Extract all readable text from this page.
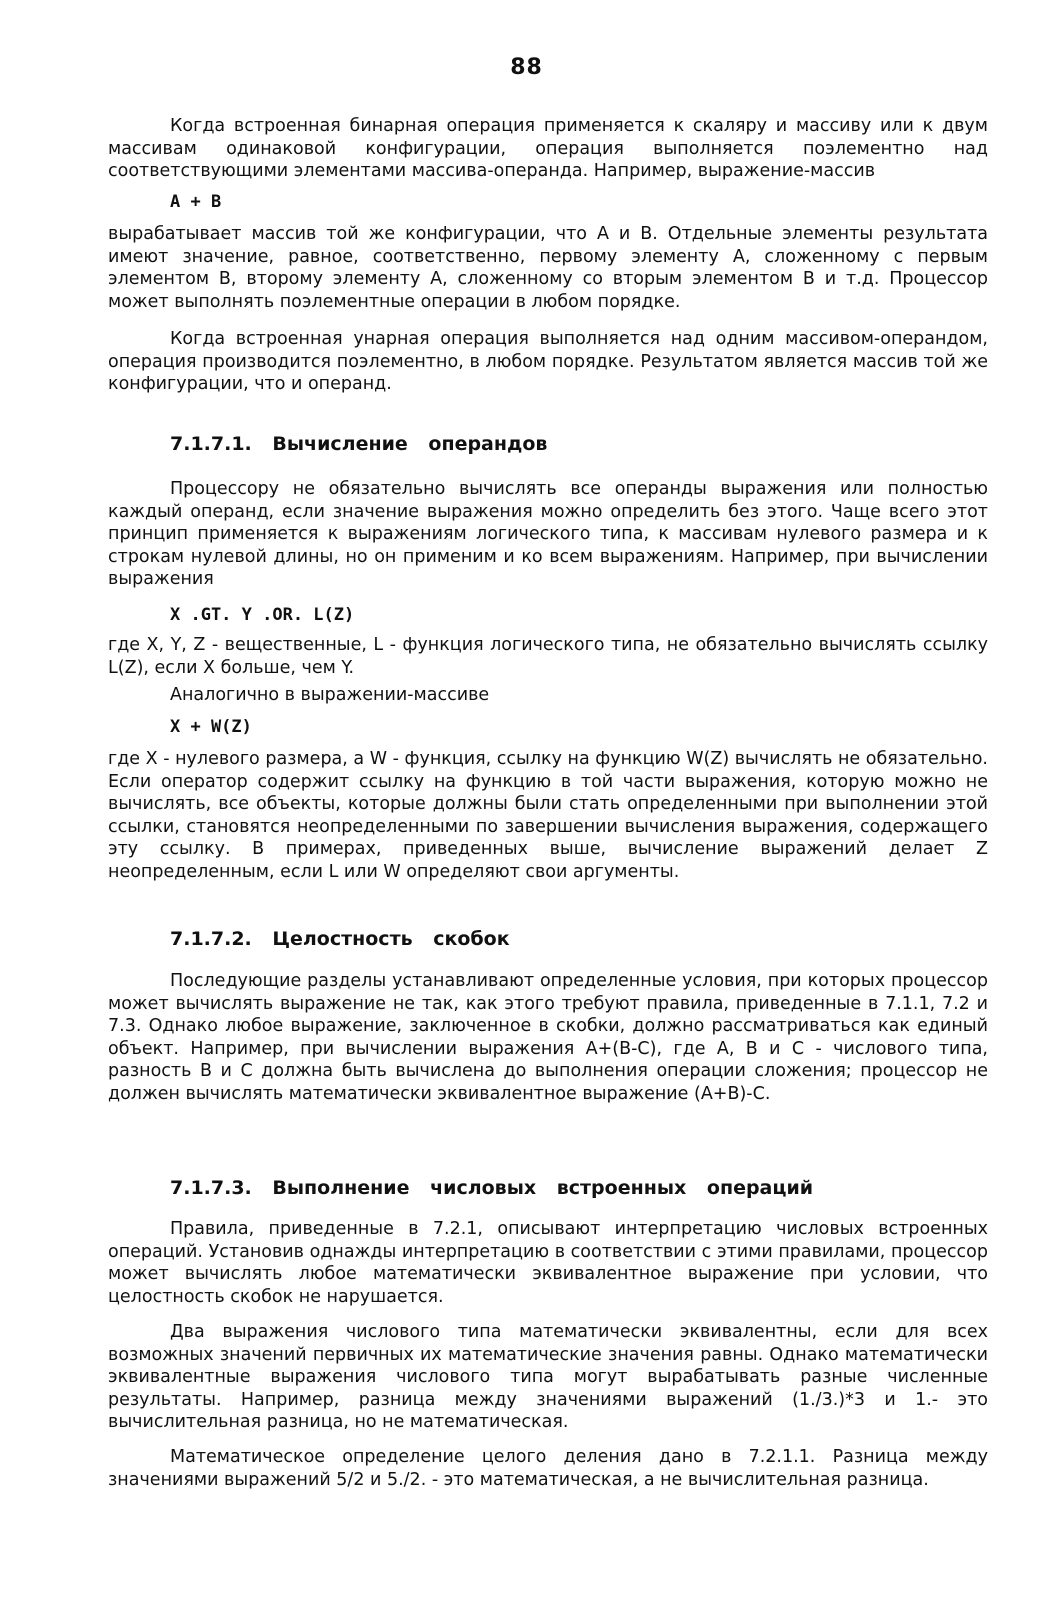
88

Когда встроенная бинарная операция применяется к скаляру и массиву или к двум массивам одинаковой конфигурации, операция выполняется поэлементно над соответствующими элементами массива-операнда. Например, выражение-массив

A + B

вырабатывает массив той же конфигурации, что A и B. Отдельные элементы результата имеют значение, равное, соответственно, первому элементу A, сложенному с первым элементом B, второму элементу A, сложенному со вторым элементом B и т.д. Процессор может выполнять поэлементные операции в любом порядке.

Когда встроенная унарная операция выполняется над одним массивом-операндом, операция производится поэлементно, в любом порядке. Результатом является массив той же конфигурации, что и операнд.

7.1.7.1. Вычисление операндов

Процессору не обязательно вычислять все операнды выражения или полностью каждый операнд, если значение выражения можно определить без этого. Чаще всего этот принцип применяется к выражениям логического типа, к массивам нулевого размера и к строкам нулевой длины, но он применим и ко всем выражениям. Например, при вычислении выражения

X .GT. Y .OR. L(Z)

где X, Y, Z - вещественные, L - функция логического типа, не обязательно вычислять ссылку L(Z), если X больше, чем Y.

Аналогично в выражении-массиве

X + W(Z)

где X - нулевого размера, а W - функция, ссылку на функцию W(Z) вычислять не обязательно. Если оператор содержит ссылку на функцию в той части выражения, которую можно не вычислять, все объекты, которые должны были стать определенными при выполнении этой ссылки, становятся неопределенными по завершении вычисления выражения, содержащего эту ссылку. В примерах, приведенных выше, вычисление выражений делает Z неопределенным, если L или W определяют свои аргументы.

7.1.7.2. Целостность скобок

Последующие разделы устанавливают определенные условия, при которых процессор может вычислять выражение не так, как этого требуют правила, приведенные в 7.1.1, 7.2 и 7.3. Однако любое выражение, заключенное в скобки, должно рассматриваться как единый объект. Например, при вычислении выражения A+(B-C), где A, B и C - числового типа, разность B и C должна быть вычислена до выполнения операции сложения; процессор не должен вычислять математически эквивалентное выражение (A+B)-C.

7.1.7.3. Выполнение числовых встроенных операций

Правила, приведенные в 7.2.1, описывают интерпретацию числовых встроенных операций. Установив однажды интерпретацию в соответствии с этими правилами, процессор может вычислять любое математически эквивалентное выражение при условии, что целостность скобок не нарушается.

Два выражения числового типа математически эквивалентны, если для всех возможных значений первичных их математические значения равны. Однако математически эквивалентные выражения числового типа могут вырабатывать разные численные результаты. Например, разница между значениями выражений (1./3.)*3 и 1.- это вычислительная разница, но не математическая.

Математическое определение целого деления дано в 7.2.1.1. Разница между значениями выражений 5/2 и 5./2. - это математическая, а не вычислительная разница.
